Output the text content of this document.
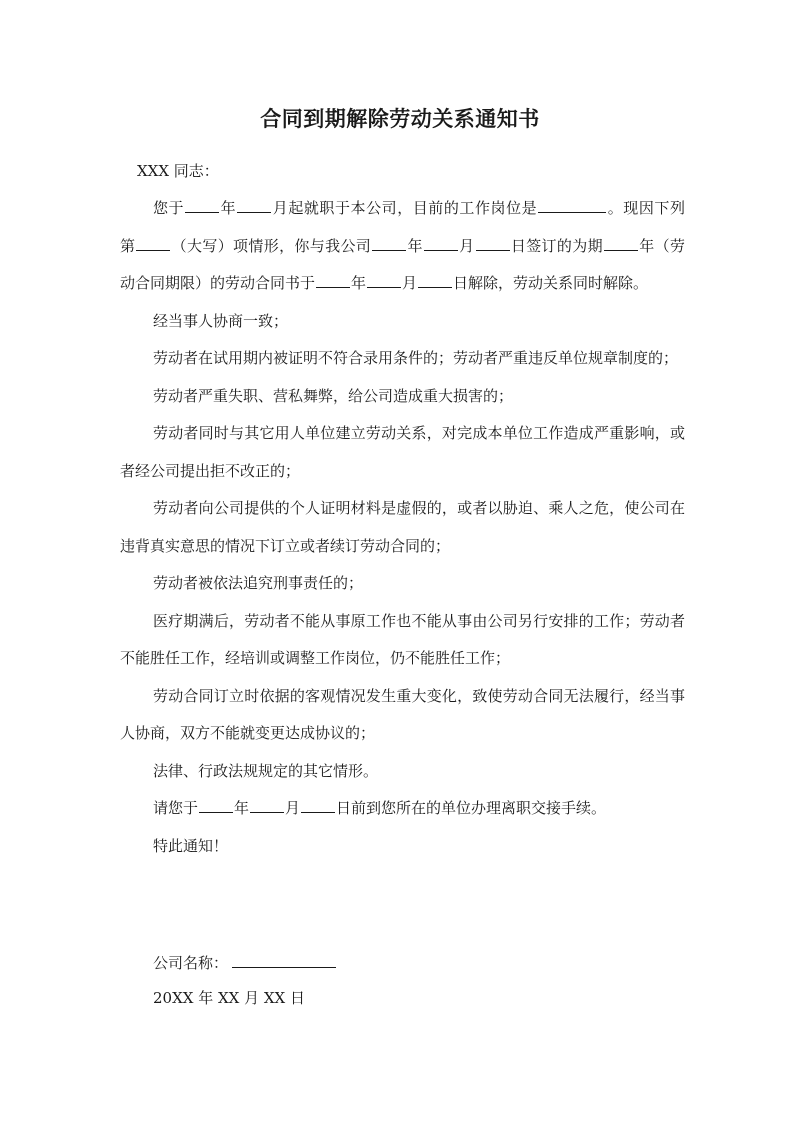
合同到期解除劳动关系通知书
XXX 同志：

您于 年 月起就职于本公司，目前的工作岗位是	。现因下列第 （大写）项情形，你与我公司 年 月 日签订的为期 年（劳动合同期限）的劳动合同书于 年 月 日解除，劳动关系同时解除。

经当事人协商一致；

劳动者在试用期内被证明不符合录用条件的；劳动者严重违反单位规章制度的；

劳动者严重失职、营私舞弊，给公司造成重大损害的；

劳动者同时与其它用人单位建立劳动关系，对完成本单位工作造成严重影响，或者经公司提出拒不改正的；

劳动者向公司提供的个人证明材料是虚假的，或者以胁迫、乘人之危，使公司在违背真实意思的情况下订立或者续订劳动合同的；

劳动者被依法追究刑事责任的；

医疗期满后，劳动者不能从事原工作也不能从事由公司另行安排的工作；劳动者不能胜任工作，经培训或调整工作岗位，仍不能胜任工作；

劳动合同订立时依据的客观情况发生重大变化，致使劳动合同无法履行，经当事人协商，双方不能就变更达成协议的；

法律、行政法规规定的其它情形。

请您于 年 月 日前到您所在的单位办理离职交接手续。

特此通知！

公司名称：
20XX 年 XX 月 XX 日
